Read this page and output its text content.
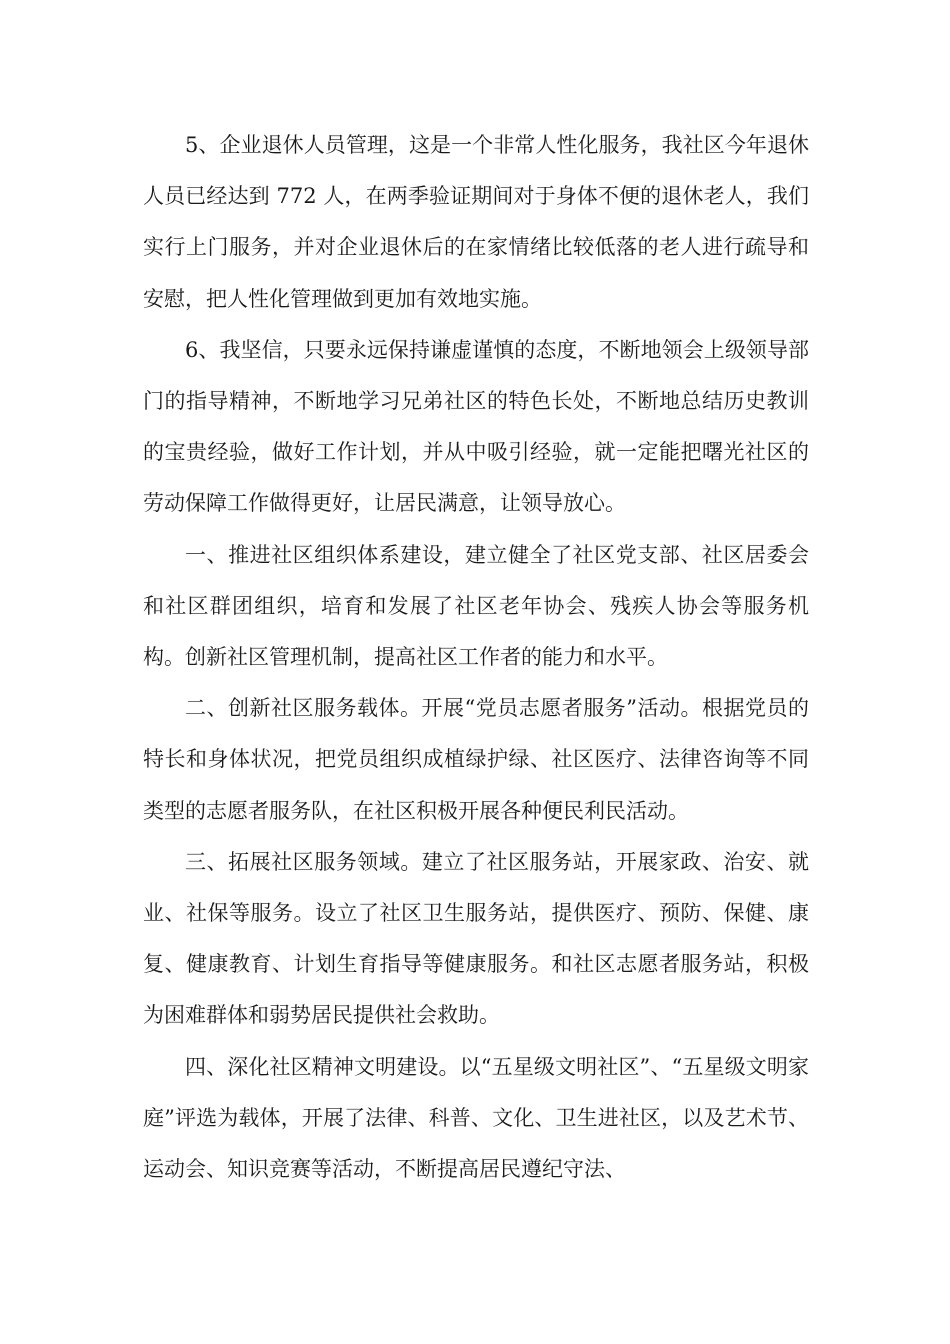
5、企业退休人员管理，这是一个非常人性化服务，我社区今年退休人员已经达到 772 人，在两季验证期间对于身体不便的退休老人，我们实行上门服务，并对企业退休后的在家情绪比较低落的老人进行疏导和安慰，把人性化管理做到更加有效地实施。

6、我坚信，只要永远保持谦虚谨慎的态度，不断地领会上级领导部门的指导精神，不断地学习兄弟社区的特色长处，不断地总结历史教训的宝贵经验，做好工作计划，并从中吸引经验，就一定能把曙光社区的劳动保障工作做得更好，让居民满意，让领导放心。

一、推进社区组织体系建设，建立健全了社区党支部、社区居委会和社区群团组织，培育和发展了社区老年协会、残疾人协会等服务机构。创新社区管理机制，提高社区工作者的能力和水平。

二、创新社区服务载体。开展“党员志愿者服务”活动。根据党员的特长和身体状况，把党员组织成植绿护绿、社区医疗、法律咨询等不同类型的志愿者服务队，在社区积极开展各种便民利民活动。

三、拓展社区服务领域。建立了社区服务站，开展家政、治安、就业、社保等服务。设立了社区卫生服务站，提供医疗、预防、保健、康复、健康教育、计划生育指导等健康服务。和社区志愿者服务站，积极为困难群体和弱势居民提供社会救助。

四、深化社区精神文明建设。以“五星级文明社区”、“五星级文明家庭”评选为载体，开展了法律、科普、文化、卫生进社区，以及艺术节、运动会、知识竞赛等活动，不断提高居民遵纪守法、
